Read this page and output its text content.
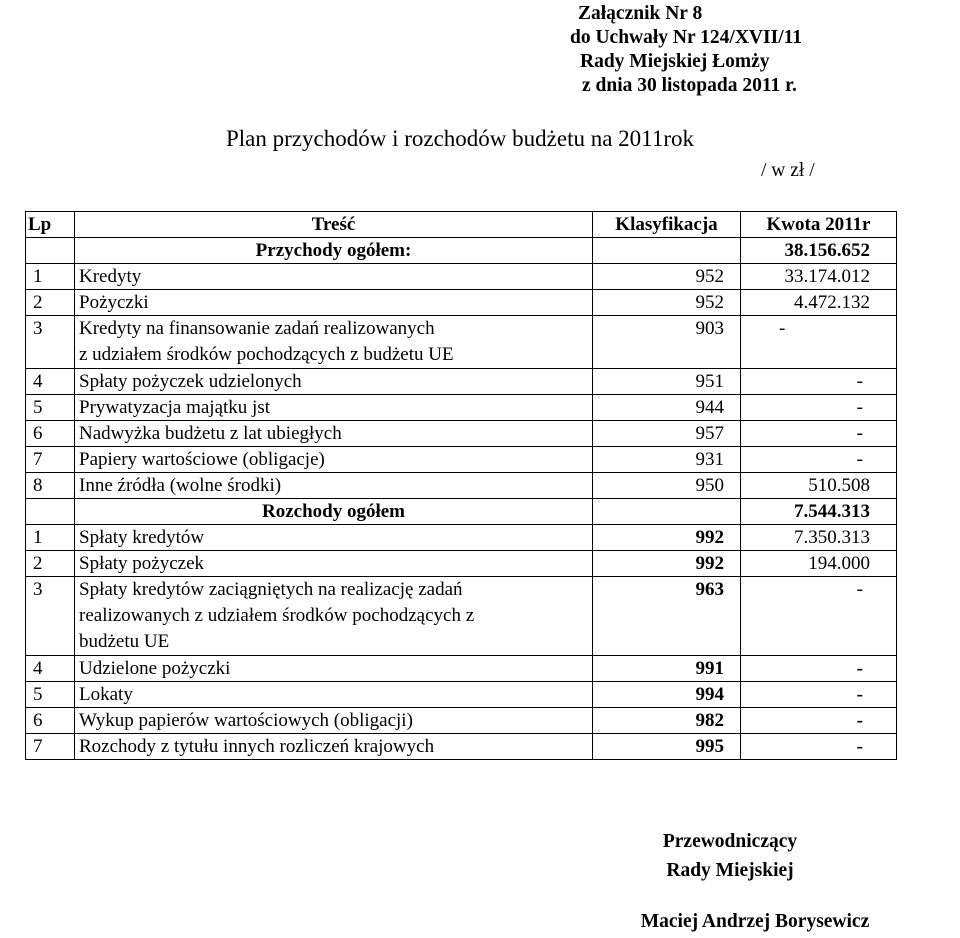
Załącznik Nr 8
do Uchwały Nr 124/XVII/11
Rady Miejskiej Łomży
z dnia 30 listopada 2011 r.
Plan przychodów i rozchodów budżetu na 2011rok
/ w zł /
Lp	Treść	Klasyfikacja	Kwota 2011r
	Przychody ogółem:		38.156.652
1	Kredyty	952	33.174.012
2	Pożyczki	952	4.472.132
3	Kredyty na finansowanie zadań realizowanych
z udziałem środków pochodzących z budżetu UE	903	-
4	Spłaty pożyczek udzielonych	951	-
5	Prywatyzacja majątku jst	944	-
6	Nadwyżka budżetu z lat ubiegłych	957	-
7	Papiery wartościowe (obligacje)	931	-
8	Inne źródła (wolne środki)	950	510.508
	Rozchody ogółem		7.544.313
1	Spłaty kredytów	992	7.350.313
2	Spłaty pożyczek	992	194.000
3	Spłaty kredytów zaciągniętych na realizację zadań
realizowanych z udziałem środków pochodzących z
budżetu UE	963	-
4	Udzielone pożyczki	991	-
5	Lokaty	994	-
6	Wykup papierów wartościowych (obligacji)	982	-
7	Rozchody z tytułu innych rozliczeń krajowych	995	-
Przewodniczący
Rady Miejskiej
Maciej Andrzej Borysewicz
